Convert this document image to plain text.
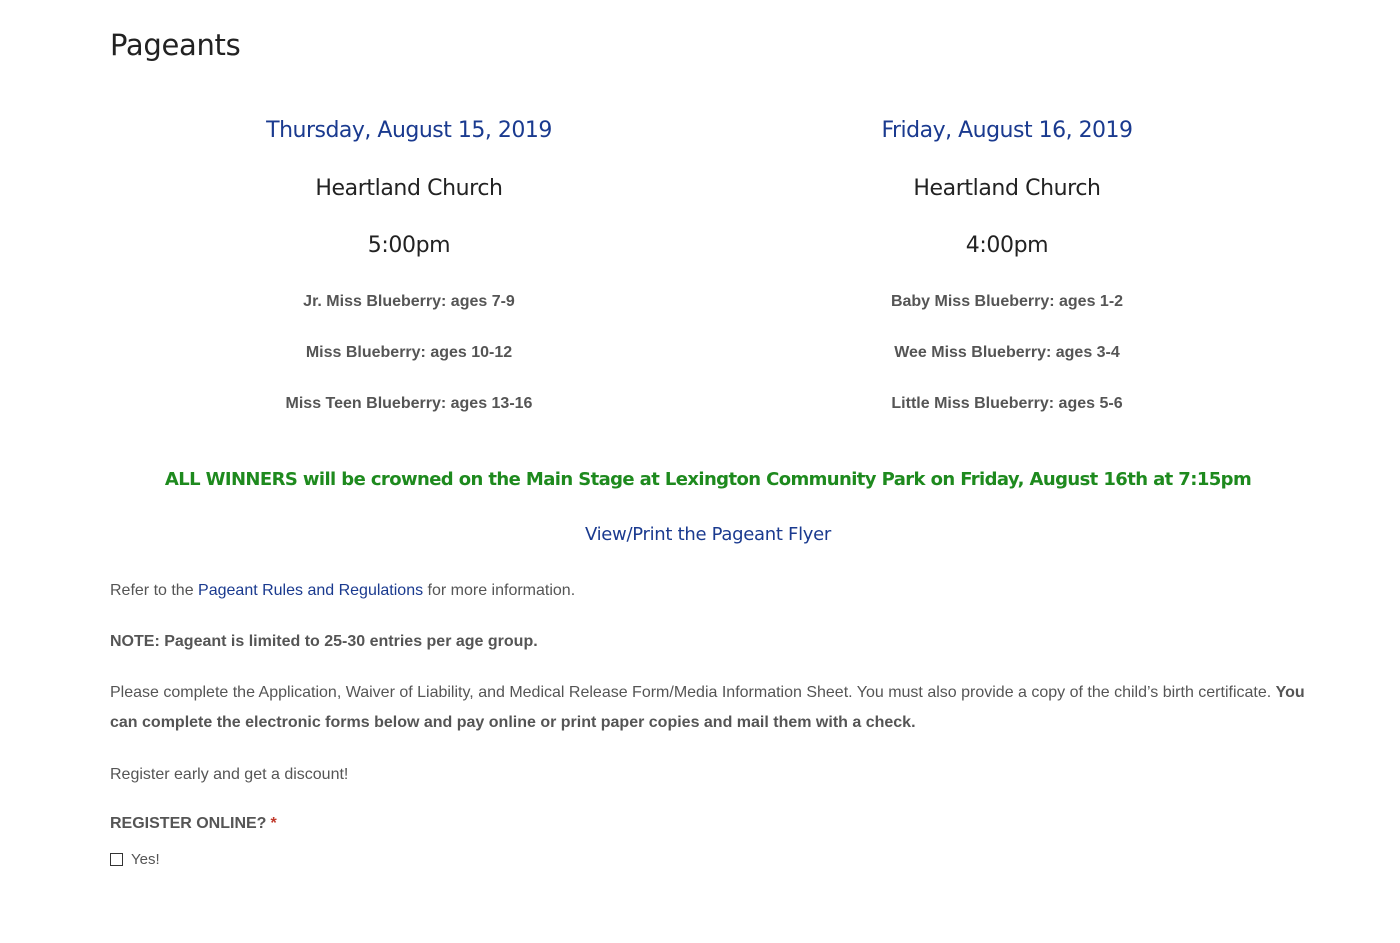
Pageants
Thursday, August 15, 2019
Heartland Church
5:00pm
Jr. Miss Blueberry: ages 7-9
Miss Blueberry: ages 10-12
Miss Teen Blueberry: ages 13-16
Friday, August 16, 2019
Heartland Church
4:00pm
Baby Miss Blueberry: ages 1-2
Wee Miss Blueberry: ages 3-4
Little Miss Blueberry: ages 5-6
ALL WINNERS will be crowned on the Main Stage at Lexington Community Park on Friday, August 16th at 7:15pm
View/Print the Pageant Flyer
Refer to the Pageant Rules and Regulations for more information.
NOTE: Pageant is limited to 25-30 entries per age group.
Please complete the Application, Waiver of Liability, and Medical Release Form/Media Information Sheet. You must also provide a copy of the child’s birth certificate. You can complete the electronic forms below and pay online or print paper copies and mail them with a check.
Register early and get a discount!
REGISTER ONLINE? *
Yes!
